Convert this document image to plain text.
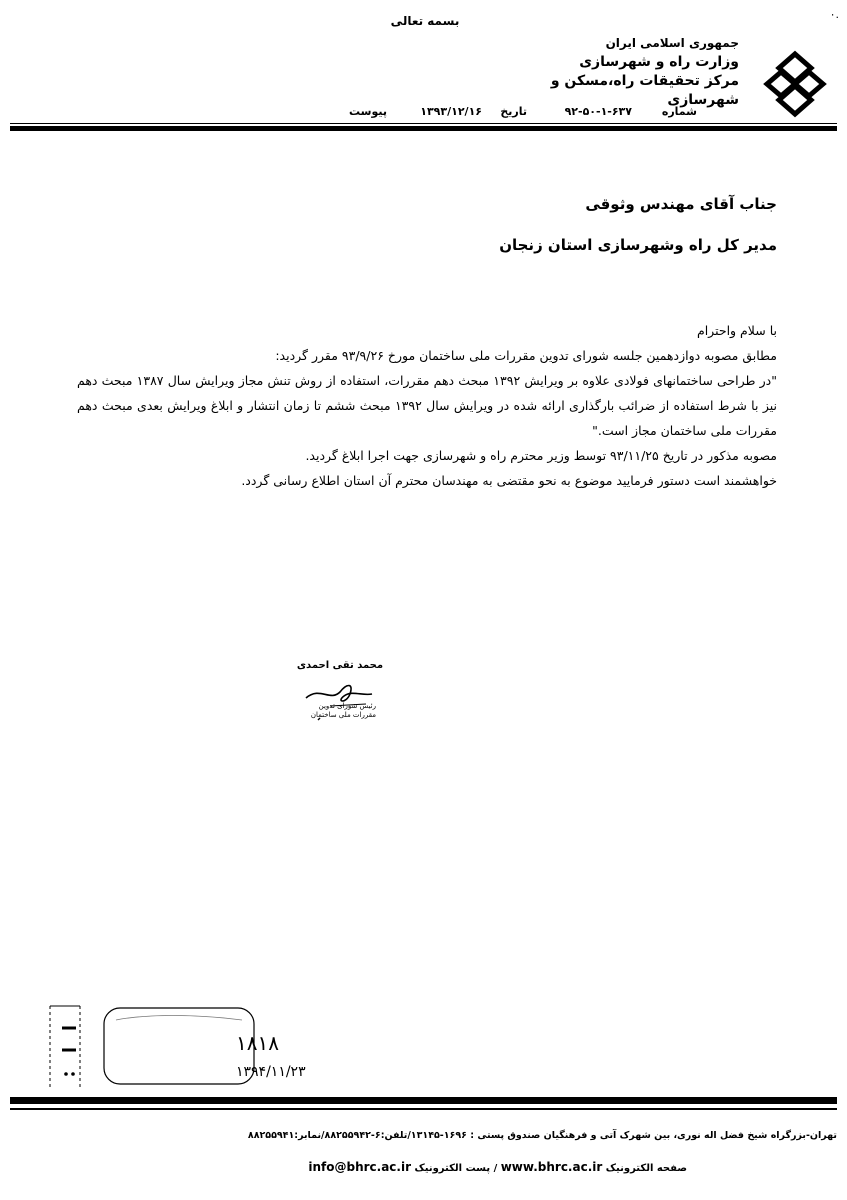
۰.
بسمه تعالی
جمهوری اسلامی ایران
وزارت راه و شهرسازی
مرکز تحقیقات راه،مسکن و شهرسازی
شماره
۹۲-۵۰-۱-۶۳۷
تاریخ
۱۳۹۳/۱۲/۱۶
پیوست
جناب آقای مهندس وثوقی
مدیر کل راه وشهرسازی استان زنجان

با سلام واحترام

مطابق مصوبه دوازدهمین جلسه شورای تدوین مقررات ملی ساختمان مورخ ۹۳/۹/۲۶ مقرر گردید:

"در طراحی ساختمانهای فولادی علاوه بر ویرایش ۱۳۹۲ مبحث دهم مقررات، استفاده از روش تنش مجاز ویرایش سال ۱۳۸۷ مبحث دهم نیز با شرط استفاده از ضرائب بارگذاری ارائه شده در ویرایش سال ۱۳۹۲ مبحث ششم تا زمان انتشار و ابلاغ ویرایش بعدی مبحث دهم مقررات ملی ساختمان مجاز است."

مصوبه مذکور در تاریخ ۹۳/۱۱/۲۵ توسط وزیر محترم راه و شهرسازی جهت اجرا ابلاغ گردید.

خواهشمند است دستور فرمایید موضوع به نحو مقتضی به مهندسان محترم آن استان اطلاع رسانی گردد.

محمد تقی احمدی
رئیس شورای تدوین
مقررات ملی ساختمان
۱۸۱۸
۱۳۹۴/۱۱/۲۳
تهران-بزرگراه شیخ فضل اله نوری، بین شهرک آتی و فرهنگیان صندوق پستی : ۱۶۹۶-۱۳۱۴۵/تلفن:۶-۸۸۲۵۵۹۴۲/نمابر:۸۸۲۵۵۹۴۱
صفحه الکترونیک www.bhrc.ac.ir / پست الکترونیک info@bhrc.ac.ir
